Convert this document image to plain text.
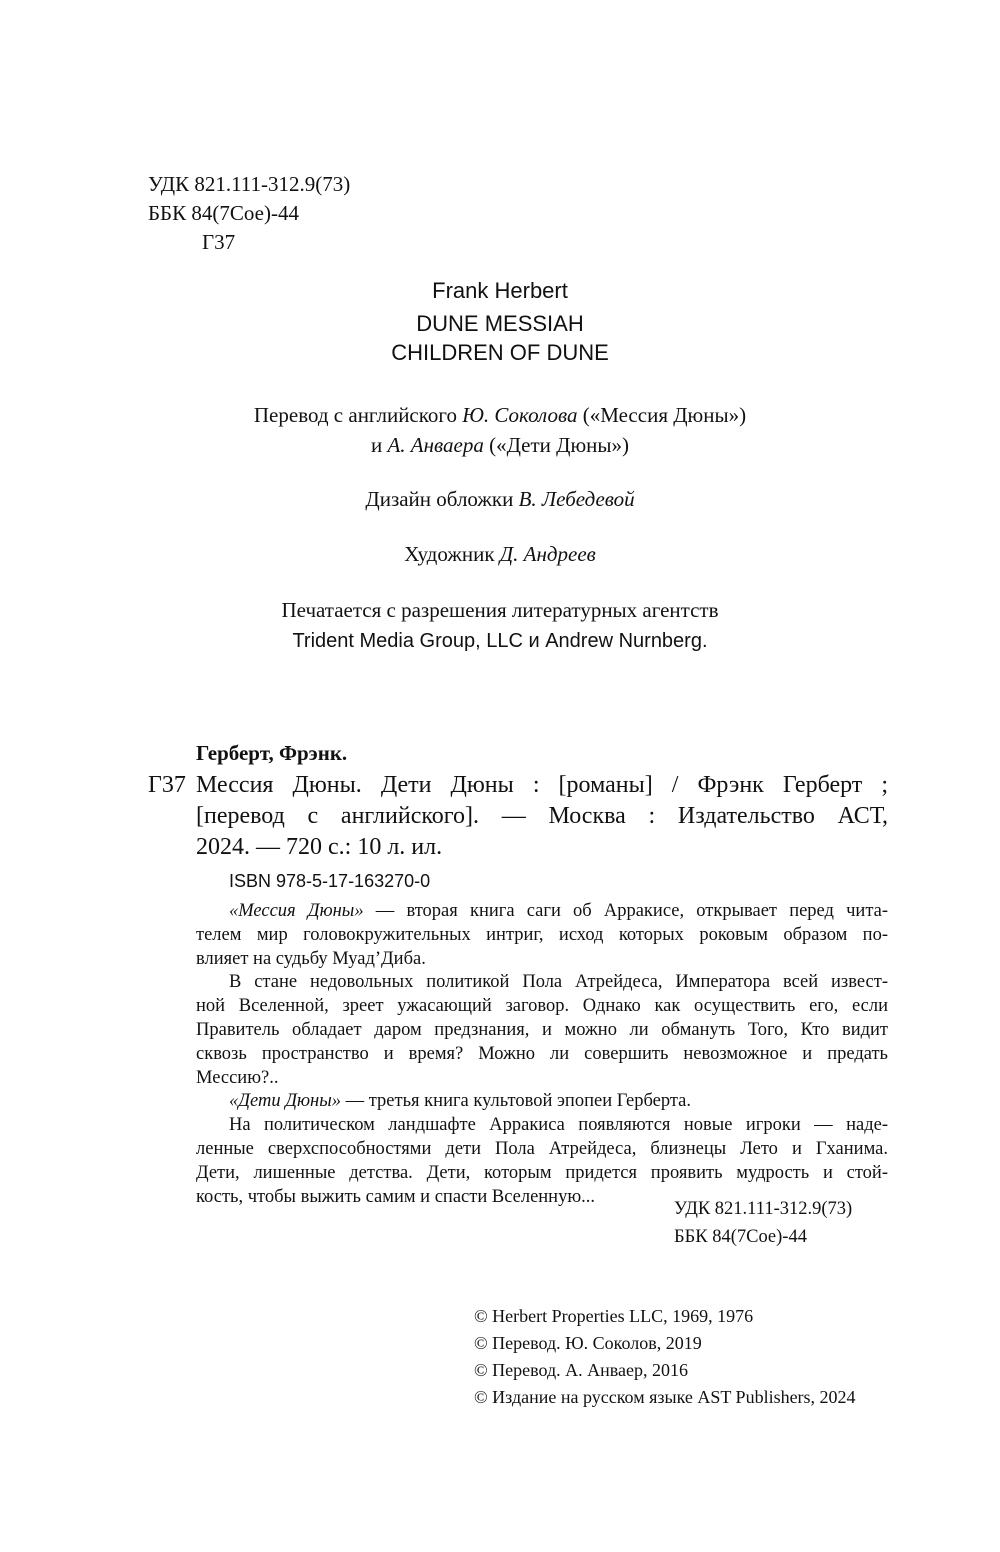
УДК 821.111-312.9(73)
ББК 84(7Сое)-44
Г37
Frank Herbert
DUNE MESSIAH
CHILDREN OF DUNE
Перевод с английского Ю. Соколова («Мессия Дюны»)
и А. Анваера («Дети Дюны»)
Дизайн обложки В. Лебедевой
Художник Д. Андреев
Печатается с разрешения литературных агентств
Trident Media Group, LLC и Andrew Nurnberg.
Герберт, Фрэнк.
Г37 Мессия Дюны. Дети Дюны : [романы] / Фрэнк Герберт ;
[перевод с английского]. — Москва : Издательство АСТ,
2024. — 720 с.: 10 л. ил.
ISBN 978-5-17-163270-0
«Мессия Дюны» — вторая книга саги об Арракисе, открывает перед чита-
телем мир головокружительных интриг, исход которых роковым образом по-
влияет на судьбу Муад’Диба.
В стане недовольных политикой Пола Атрейдеса, Императора всей извест-
ной Вселенной, зреет ужасающий заговор. Однако как осуществить его, если
Правитель обладает даром предзнания, и можно ли обмануть Того, Кто видит
сквозь пространство и время? Можно ли совершить невозможное и предать
Мессию?..
«Дети Дюны» — третья книга культовой эпопеи Герберта.
На политическом ландшафте Арракиса появляются новые игроки — наде-
ленные сверхспособностями дети Пола Атрейдеса, близнецы Лето и Гханима.
Дети, лишенные детства. Дети, которым придется проявить мудрость и стой-
кость, чтобы выжить самим и спасти Вселенную...
УДК 821.111-312.9(73)
ББК 84(7Сое)-44
© Herbert Properties LLC, 1969, 1976
© Перевод. Ю. Соколов, 2019
© Перевод. А. Анваер, 2016
© Издание на русском языке AST Publishers, 2024
